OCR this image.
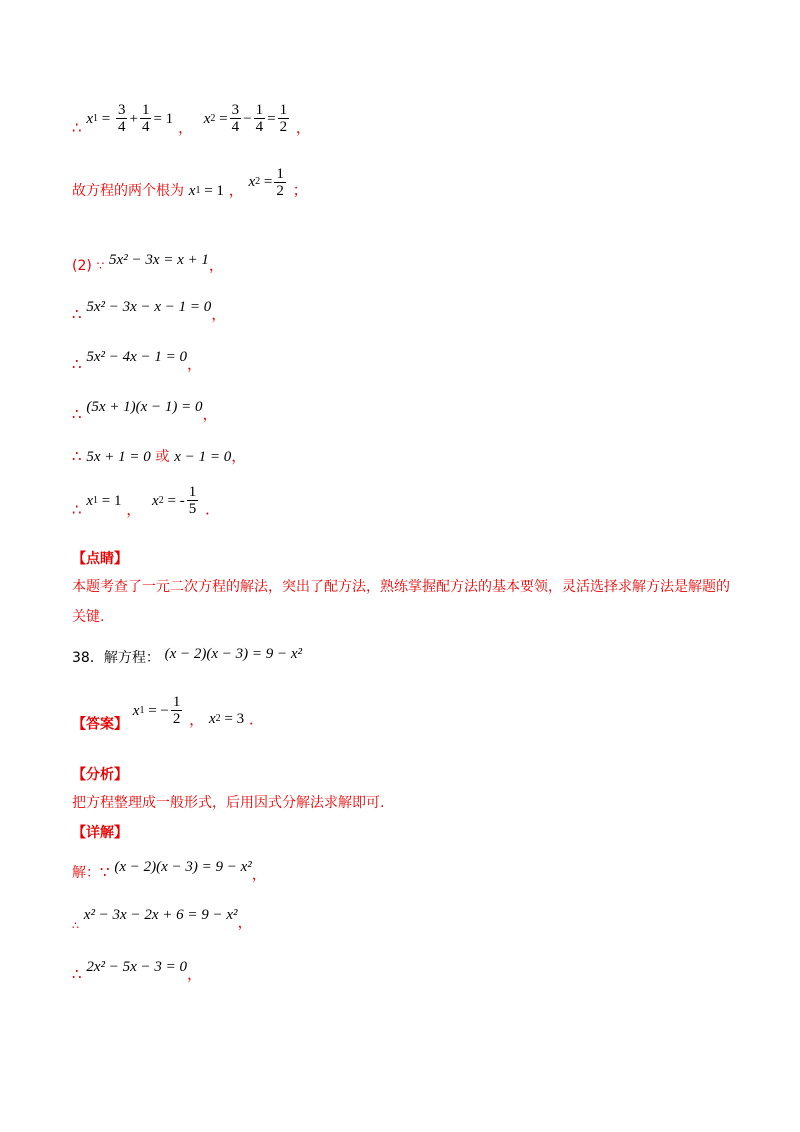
∴ x $1 = \frac{3}{4} + \frac{1}{4} = 1$ ， x $2 = \frac{3}{4} - \frac{1}{4} = \frac{1}{2}$ ，
故方程的两个根为 x 1 = 1 ， x $2 = \frac{1}{2}$ ；
(2) ∵ 5x² − 3x = x + 1，
∴ 5x² − 3x − x − 1 = 0，
∴ 5x² − 4x − 1 = 0，
∴ (5x + 1)(x − 1) = 0，
∴ 5x + 1 = 0 或 x − 1 = 0，
∴ x 1 = 1 ， x 2 = - $\frac{1}{5}$ .
【点睛】
本题考查了一元二次方程的解法，突出了配方法，熟练掌握配方法的基本要领，灵活选择求解方法是解题的关键.
38．解方程： (x − 2)(x − 3) = 9 − x²
【答案】
x 1 = − $\frac{1}{2}$ ， x 2 = 3 .
【分析】
把方程整理成一般形式，后用因式分解法求解即可.
【详解】
解：∵ (x − 2)(x − 3) = 9 − x²，
$_\therefore$ x² − 3x − 2x + 6 = 9 − x²，
∴ 2x² − 5x − 3 = 0，
